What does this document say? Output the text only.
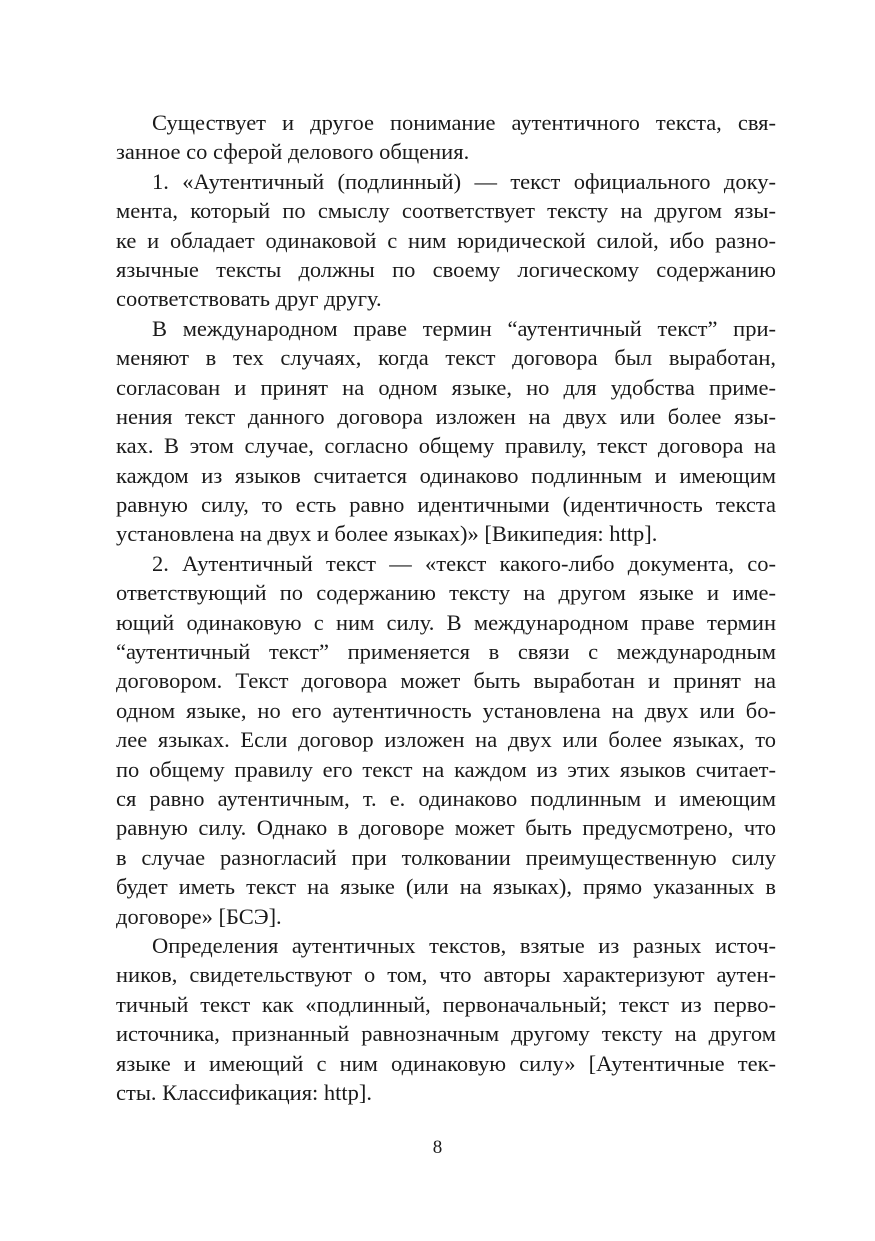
Существует и другое понимание аутентичного текста, свя-
занное со сферой делового общения.

1. «Аутентичный (подлинный) — текст официального доку-
мента, который по смыслу соответствует тексту на другом язы-
ке и обладает одинаковой с ним юридической силой, ибо разно-
язычные тексты должны по своему логическому содержанию
соответствовать друг другу.

В международном праве термин “аутентичный текст” при-
меняют в тех случаях, когда текст договора был выработан,
согласован и принят на одном языке, но для удобства приме-
нения текст данного договора изложен на двух или более язы-
ках. В этом случае, согласно общему правилу, текст договора на
каждом из языков считается одинаково подлинным и имеющим
равную силу, то есть равно идентичными (идентичность текста
установлена на двух и более языках)» [Википедия: http].

2. Аутентичный текст — «текст какого-либо документа, со-
ответствующий по содержанию тексту на другом языке и име-
ющий одинаковую с ним силу. В международном праве термин
“аутентичный текст” применяется в связи с международным
договором. Текст договора может быть выработан и принят на
одном языке, но его аутентичность установлена на двух или бо-
лее языках. Если договор изложен на двух или более языках, то
по общему правилу его текст на каждом из этих языков считает-
ся равно аутентичным, т. е. одинаково подлинным и имеющим
равную силу. Однако в договоре может быть предусмотрено, что
в случае разногласий при толковании преимущественную силу
будет иметь текст на языке (или на языках), прямо указанных в
договоре» [БСЭ].

Определения аутентичных текстов, взятые из разных источ-
ников, свидетельствуют о том, что авторы характеризуют аутен-
тичный текст как «подлинный, первоначальный; текст из перво-
источника, признанный равнозначным другому тексту на другом
языке и имеющий с ним одинаковую силу» [Аутентичные тек-
сты. Классификация: http].

8
